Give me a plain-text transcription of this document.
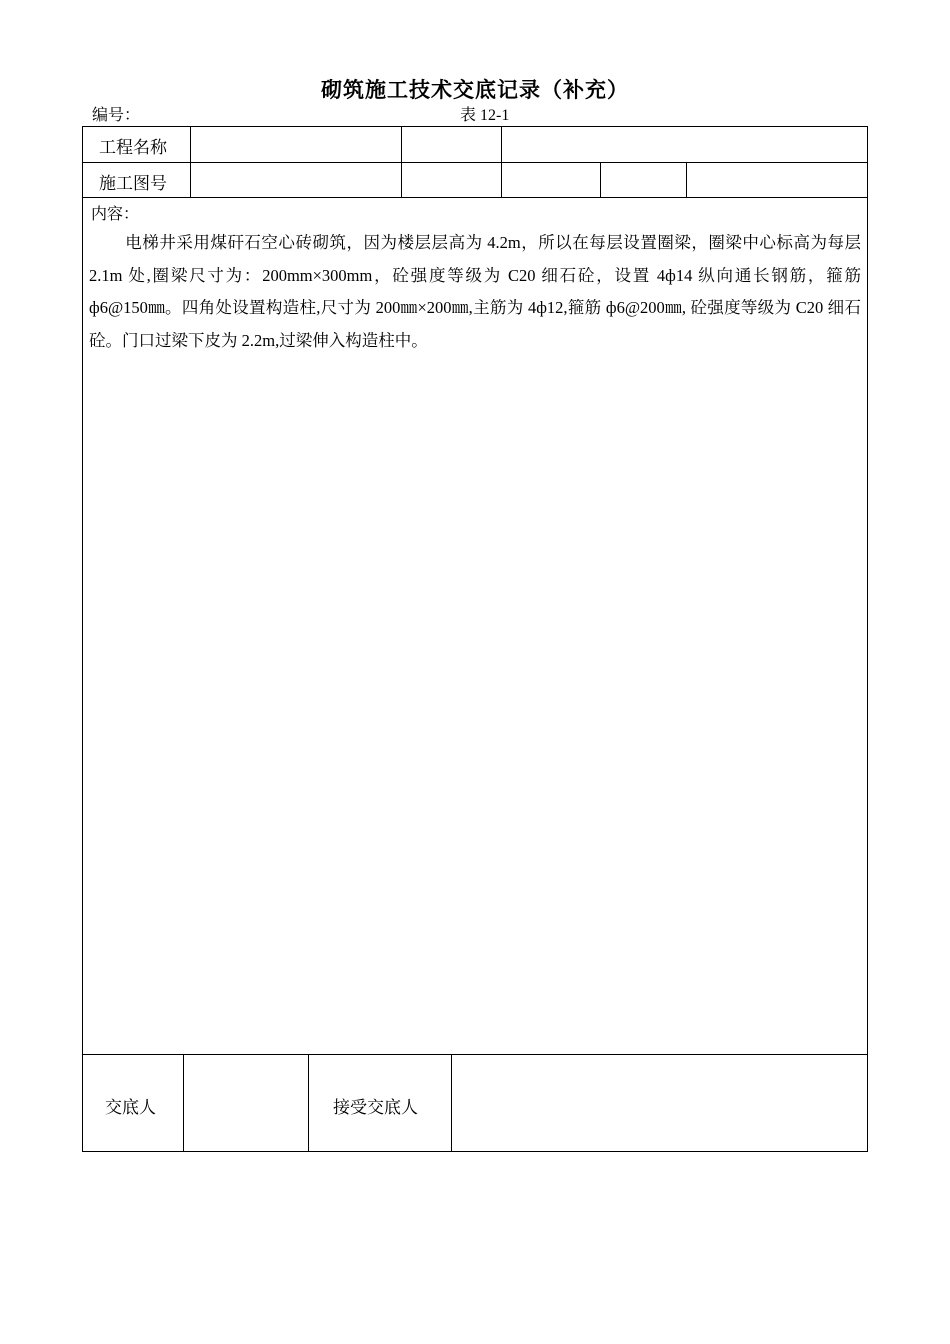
砌筑施工技术交底记录（补充）
编号：	表 12-1
工程名称
施工图号
内容：

电梯井采用煤矸石空心砖砌筑，因为楼层层高为 4.2m，所以在每层设置圈梁，圈梁中心标高为每层 2.1m 处,圈梁尺寸为：200mm×300mm，砼强度等级为 C20 细石砼，设置 4ф14 纵向通长钢筋，箍筋 ф6@150㎜。四角处设置构造柱,尺寸为 200㎜×200㎜,主筋为 4ф12,箍筋 ф6@200㎜, 砼强度等级为 C20 细石砼。门口过梁下皮为 2.2m,过梁伸入构造柱中。

交底人	接受交底人
